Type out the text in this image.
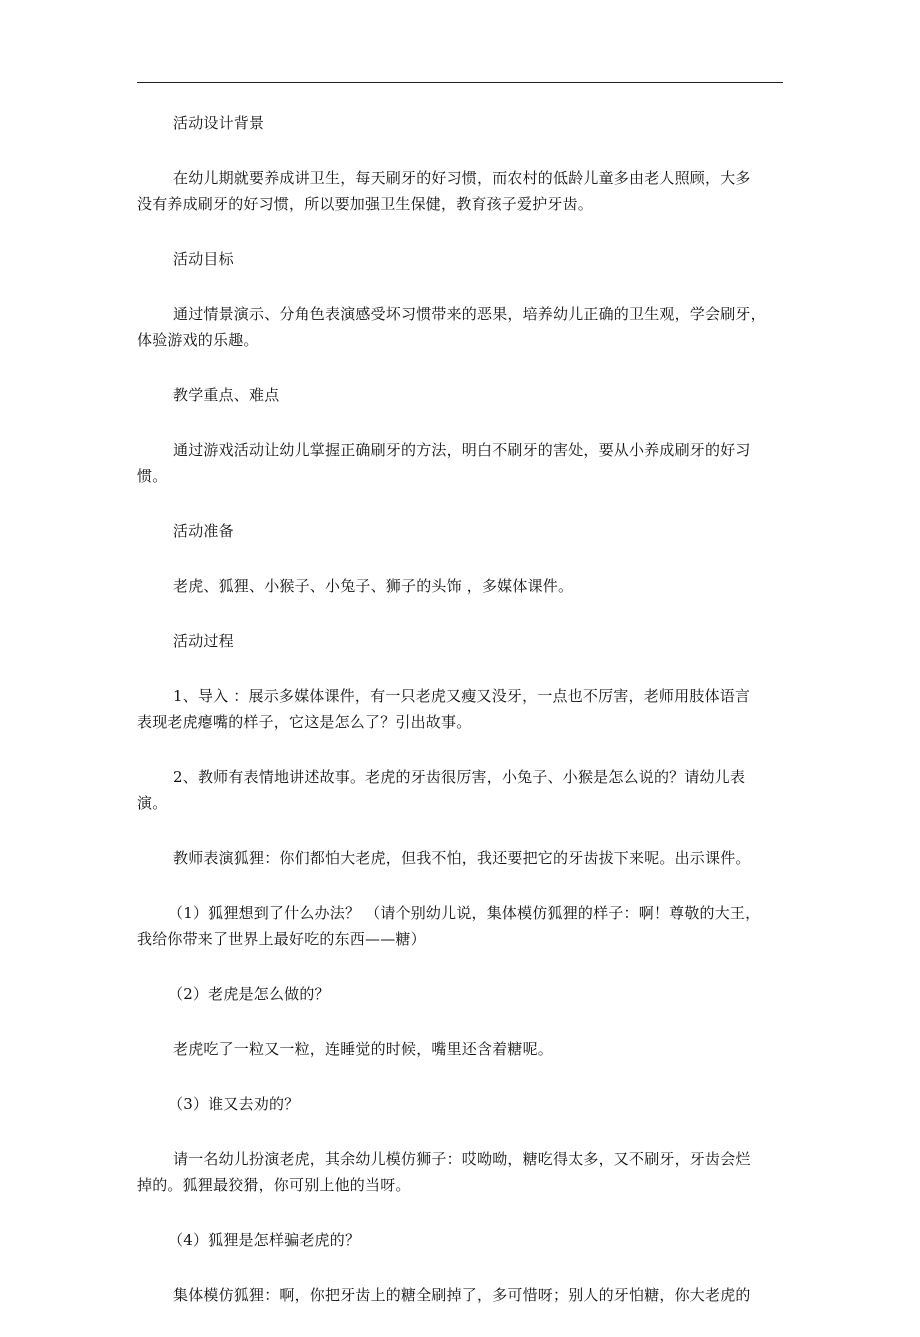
活动设计背景

在幼儿期就要养成讲卫生，每天刷牙的好习惯，而农村的低龄儿童多由老人照顾，大多
没有养成刷牙的好习惯，所以要加强卫生保健，教育孩子爱护牙齿。

活动目标

通过情景演示、分角色表演感受坏习惯带来的恶果，培养幼儿正确的卫生观，学会刷牙，
体验游戏的乐趣。

教学重点、难点

通过游戏活动让幼儿掌握正确刷牙的方法，明白不刷牙的害处，要从小养成刷牙的好习
惯。

活动准备

老虎、狐狸、小猴子、小兔子、狮子的头饰 ，多媒体课件。

活动过程

1、导入 ：展示多媒体课件，有一只老虎又瘦又没牙，一点也不厉害，老师用肢体语言
表现老虎瘪嘴的样子，它这是怎么了？引出故事。

2、教师有表情地讲述故事。老虎的牙齿很厉害，小兔子、小猴是怎么说的？请幼儿表
演。

教师表演狐狸：你们都怕大老虎，但我不怕，我还要把它的牙齿拔下来呢。出示课件。

（1）狐狸想到了什么办法？ （请个别幼儿说，集体模仿狐狸的样子：啊！尊敬的大王，
我给你带来了世界上最好吃的东西——糖）

（2）老虎是怎么做的？

老虎吃了一粒又一粒，连睡觉的时候，嘴里还含着糖呢。

（3）谁又去劝的？

请一名幼儿扮演老虎，其余幼儿模仿狮子：哎呦呦，糖吃得太多，又不刷牙，牙齿会烂
掉的。狐狸最狡猾，你可别上他的当呀。

（4）狐狸是怎样骗老虎的？

集体模仿狐狸：啊，你把牙齿上的糖全刷掉了，多可惜呀；别人的牙怕糖，你大老虎的
